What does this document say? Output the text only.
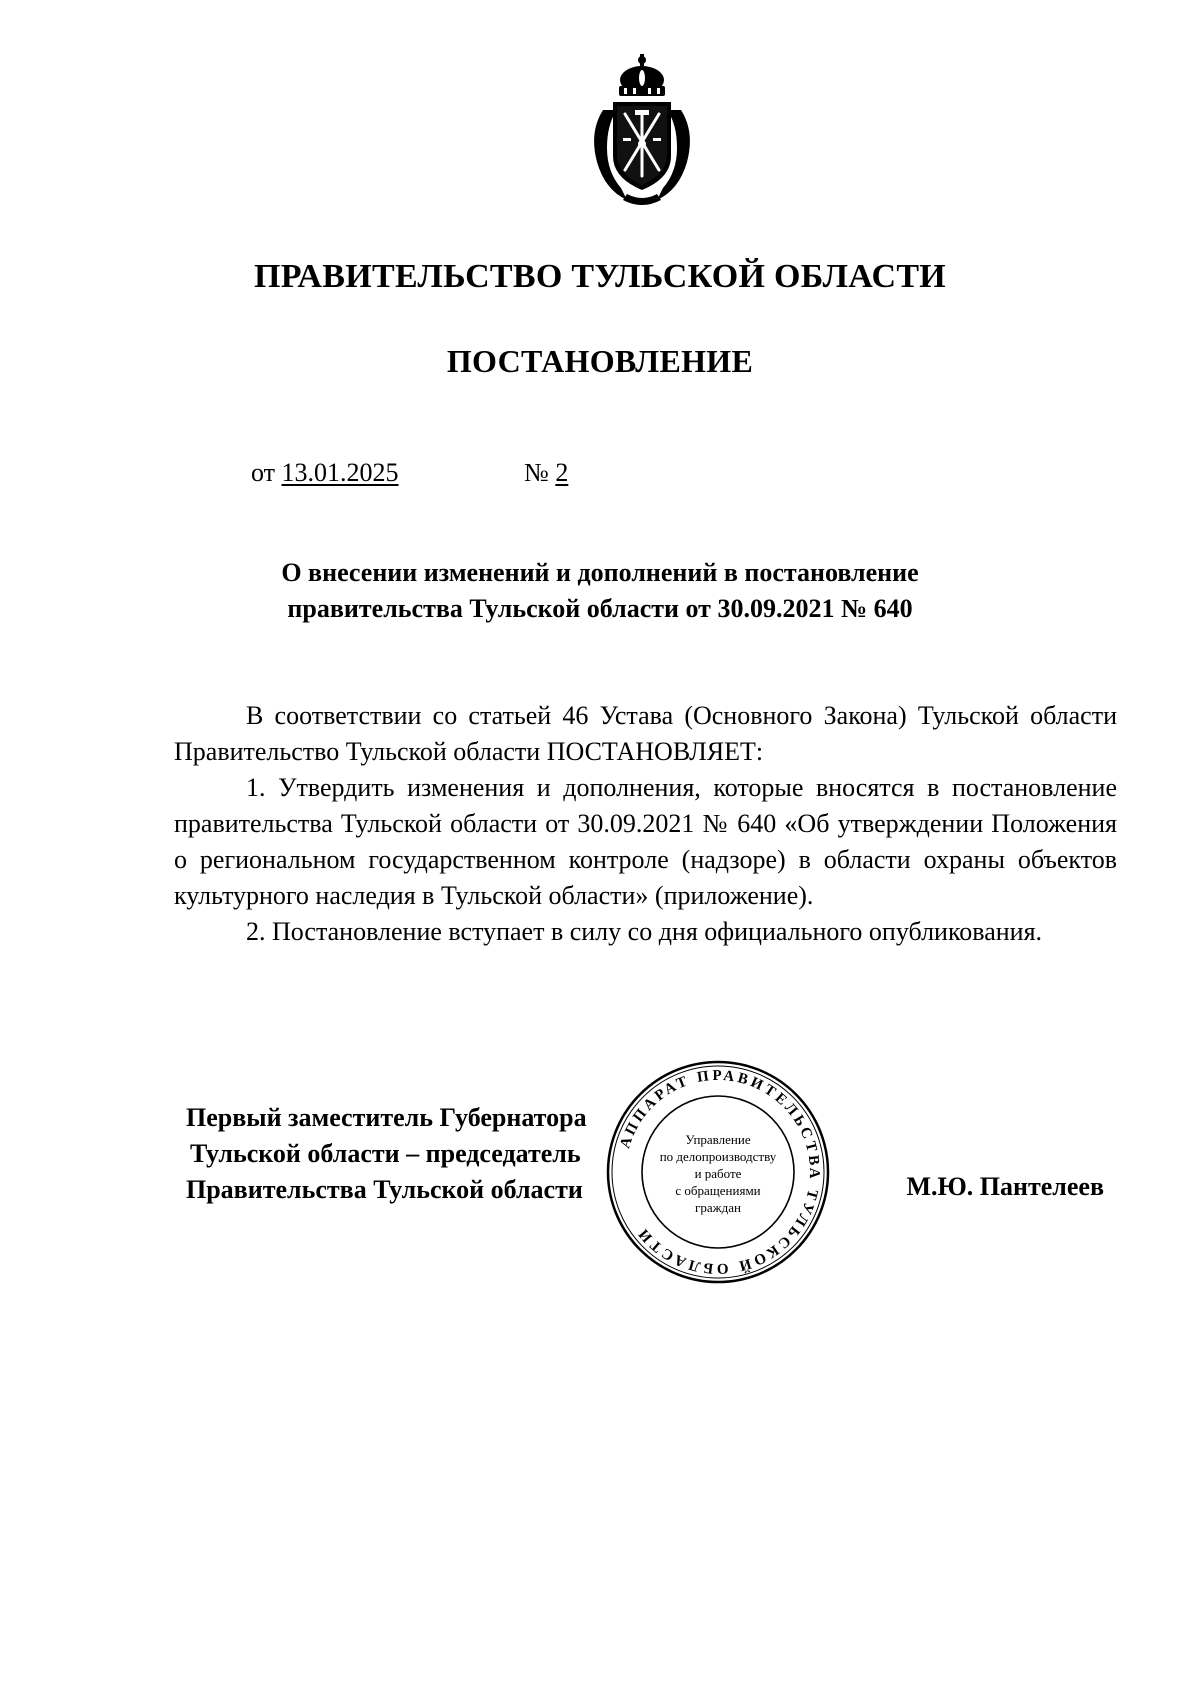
ПРАВИТЕЛЬСТВО ТУЛЬСКОЙ ОБЛАСТИ
ПОСТАНОВЛЕНИЕ
от 13.01.2025	№ 2
О внесении изменений и дополнений в постановление
правительства Тульской области от 30.09.2021 № 640

В соответствии со статьей 46 Устава (Основного Закона) Тульской области Правительство Тульской области ПОСТАНОВЛЯЕТ:

1. Утвердить изменения и дополнения, которые вносятся в постановление правительства Тульской области от 30.09.2021 № 640 «Об утверждении Положения о региональном государственном контроле (надзоре) в области охраны объектов культурного наследия в Тульской области» (приложение).

2. Постановление вступает в силу со дня официального опубликования.

АППАРАТ ПРАВИТЕЛЬСТВА ТУЛЬСКОЙ ОБЛАСТИ
Управление
по делопроизводству
и работе
с обращениями
граждан
Первый заместитель Губернатора
Тульской области – председатель
Правительства Тульской области	М.Ю. Пантелеев
